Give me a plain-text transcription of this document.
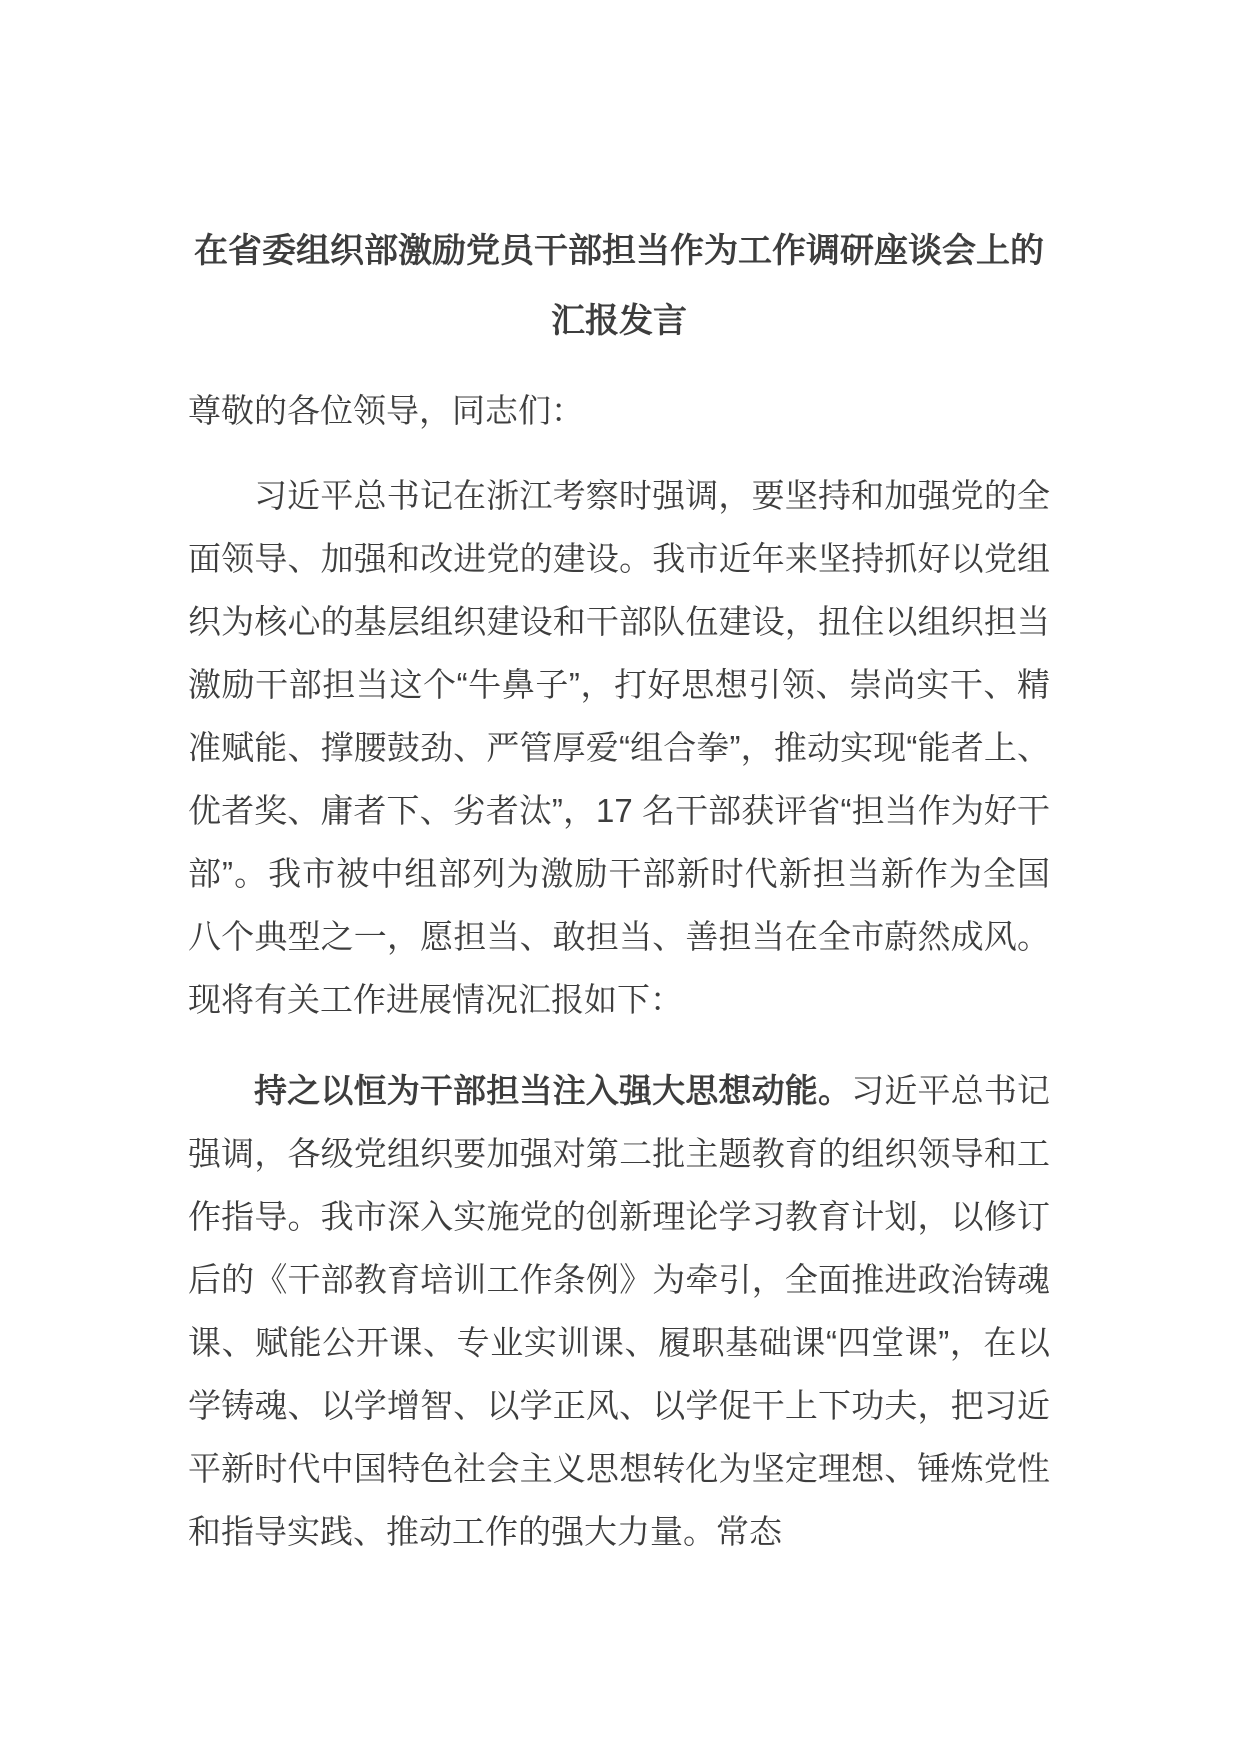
在省委组织部激励党员干部担当作为工作调研座谈会上的
汇报发言

尊敬的各位领导，同志们：

习近平总书记在浙江考察时强调，要坚持和加强党的全面领导、加强和改进党的建设。我市近年来坚持抓好以党组织为核心的基层组织建设和干部队伍建设，扭住以组织担当激励干部担当这个“牛鼻子”，打好思想引领、崇尚实干、精准赋能、撑腰鼓劲、严管厚爱“组合拳”，推动实现“能者上、优者奖、庸者下、劣者汰”，17 名干部获评省“担当作为好干部”。我市被中组部列为激励干部新时代新担当新作为全国八个典型之一，愿担当、敢担当、善担当在全市蔚然成风。现将有关工作进展情况汇报如下：

持之以恒为干部担当注入强大思想动能。习近平总书记强调，各级党组织要加强对第二批主题教育的组织领导和工作指导。我市深入实施党的创新理论学习教育计划，以修订后的《干部教育培训工作条例》为牵引，全面推进政治铸魂课、赋能公开课、专业实训课、履职基础课“四堂课”，在以学铸魂、以学增智、以学正风、以学促干上下功夫，把习近平新时代中国特色社会主义思想转化为坚定理想、锤炼党性和指导实践、推动工作的强大力量。常态
